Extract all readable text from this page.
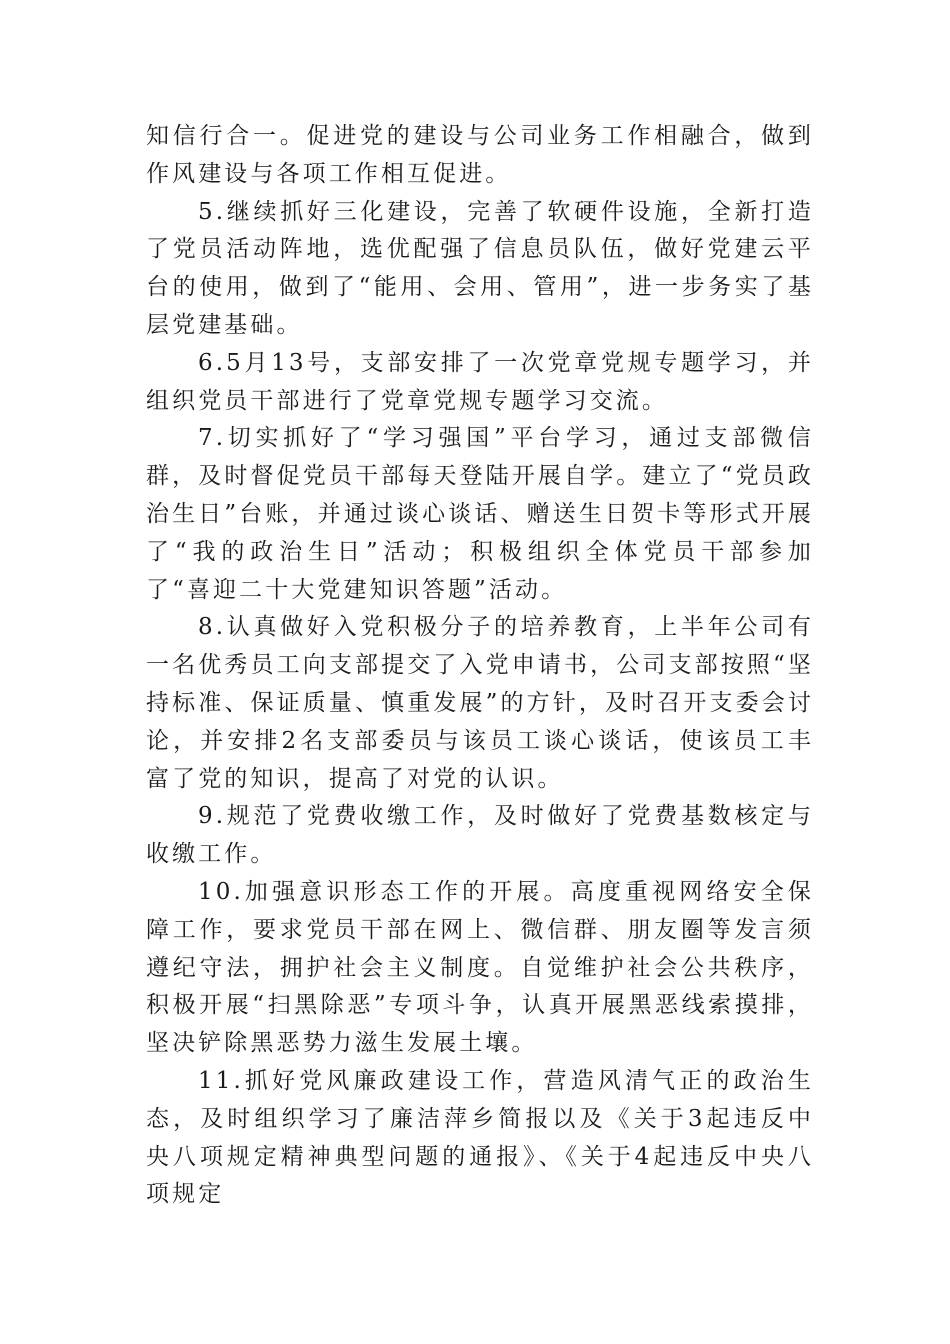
知信行合一。促进党的建设与公司业务工作相融合，做到作风建设与各项工作相互促进。

5.继续抓好三化建设，完善了软硬件设施，全新打造了党员活动阵地，选优配强了信息员队伍，做好党建云平台的使用，做到了“能用、会用、管用”，进一步务实了基层党建基础。

6.5月13号，支部安排了一次党章党规专题学习，并组织党员干部进行了党章党规专题学习交流。

7.切实抓好了“学习强国”平台学习，通过支部微信群，及时督促党员干部每天登陆开展自学。建立了“党员政治生日”台账，并通过谈心谈话、赠送生日贺卡等形式开展了“我的政治生日”活动；积极组织全体党员干部参加了“喜迎二十大党建知识答题”活动。

8.认真做好入党积极分子的培养教育，上半年公司有一名优秀员工向支部提交了入党申请书，公司支部按照“坚持标准、保证质量、慎重发展”的方针，及时召开支委会讨论，并安排2名支部委员与该员工谈心谈话，使该员工丰富了党的知识，提高了对党的认识。

9.规范了党费收缴工作，及时做好了党费基数核定与收缴工作。

10.加强意识形态工作的开展。高度重视网络安全保障工作，要求党员干部在网上、微信群、朋友圈等发言须遵纪守法，拥护社会主义制度。自觉维护社会公共秩序，积极开展“扫黑除恶”专项斗争，认真开展黑恶线索摸排，坚决铲除黑恶势力滋生发展土壤。

11.抓好党风廉政建设工作，营造风清气正的政治生态，及时组织学习了廉洁萍乡简报以及《关于3起违反中央八项规定精神典型问题的通报》、《关于4起违反中央八项规定
